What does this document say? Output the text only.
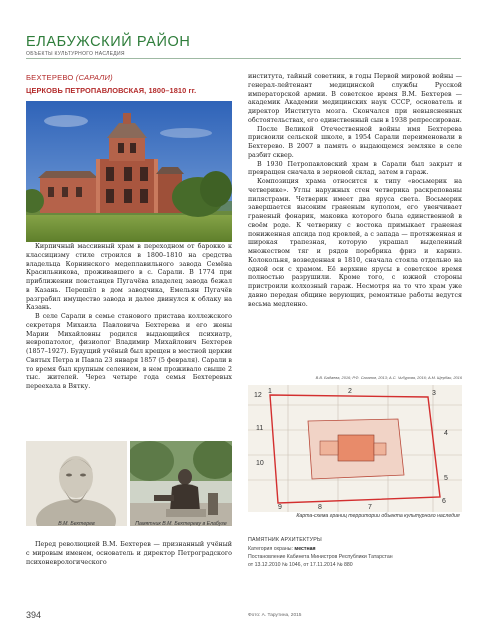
ЕЛАБУЖСКИЙ РАЙОН
ОБЪЕКТЫ КУЛЬТУРНОГО НАСЛЕДИЯ
БЕХТЕРЕВО (САРАЛИ)
ЦЕРКОВЬ ПЕТРОПАВЛОВСКАЯ, 1800–1810 гг.

Кирпичный массивный храм в переходном от барокко к классицизму стиле строился в 1800–1810 на средства владельца Корнинского медеплавильного завода Семёна Красильникова, проживавшего в с. Сарали. В 1774 при приближении повстанцев Пугачёва владелец завода бежал в Казань. Перешёл в дом заводчика, Емельян Пугачёв разграбил имущество завода и далее двинулся к облаку на Казань.

В селе Сарали в семье станового пристава коллежского секретаря Михаила Павловича Бехтерева и его жены Марии Михайловны родился выдающийся психиатр, невропатолог, физиолог Владимир Михайлович Бехтерев (1857–1927). Будущий учёный был крещен в местной церкви Святых Петра и Павла 23 января 1857 (5 февраля). Сарали в то время был крупным селением, в нем проживало свыше 2 тыс. жителей. Через четыре года семья Бехтеревых переехала в Вятку.

института, тайный советник, в годы Первой мировой войны — генерал-лейтенант медицинской службы Русской императорской армии. В советское время В.М. Бехтерев — академик Академии медицинских наук СССР, основатель и директор Института мозга. Скончался при невыясненных обстоятельствах, его единственный сын в 1938 репрессирован.

После Великой Отечественной войны имя Бехтерева присвоили сельской школе, в 1954 Сарали переименовали в Бехтерево. В 2007 в память о выдающемся земляке в селе разбит сквер.

В 1930 Петропавловский храм в Сарали был закрыт и превращен сначала в зерновой склад, затем в гараж.

Композиция храма относится к типу «восьмерик на четверике». Углы наружных стен четверика раскрепованы пилястрами. Четверик имеет два яруса света. Восьмерик завершается высоким граненым куполом, его увенчивает граненый фонарик, маковка которого была единственной в своём роде. К четверику с востока примыкает граненая пониженная апсида под кровлей, а с запада — протяженная и широкая трапезная, которую украшал выделенный множеством тяг и рядов поребрика фриз и карниз. Колокольня, возведенная в 1810, сначала стояла отдельно на одной оси с храмом. Её верхние ярусы в советское время полностью разрушили. Кроме того, с южной стороны пристроили колхозный гараж. Несмотря на то что храм уже давно передан общине верующих, ремонтные работы ведутся весьма медленно.

В.В. Бадаева, 2016; Р.Ф. Сахапов, 2013; А.С. Чибурова, 2016; А.М. Щербак, 2016
В.М. Бехтерев	Памятник В.М. Бехтереву в Елабуге
12
1	2	3
4
5
6
7
8
9
10
11
Карта-схема границ территории объекта культурного наследия

Перед революцией В.М. Бехтерев — признанный учёный с мировым именем, основатель и директор Петроградского психоневрологического

ПАМЯТНИК АРХИТЕКТУРЫ
Категория охраны: местная
Постановление Кабинета Министров Республики Татарстан
от 13.12.2010 № 1046, от 17.11.2014 № 880
394	Фото: А. Тарутина, 2015
